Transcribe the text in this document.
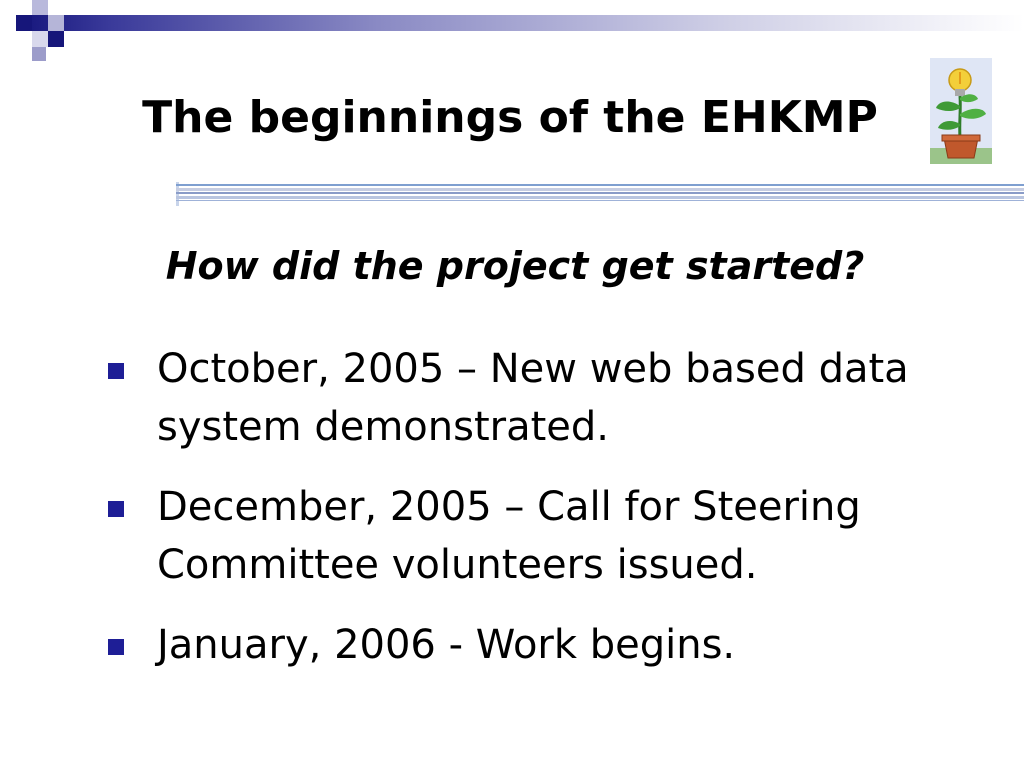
The beginnings of the EHKMP
How did the project get started?
October, 2005 – New web based data
system demonstrated.
December, 2005 – Call for Steering
Committee volunteers issued.
January, 2006 - Work begins.
